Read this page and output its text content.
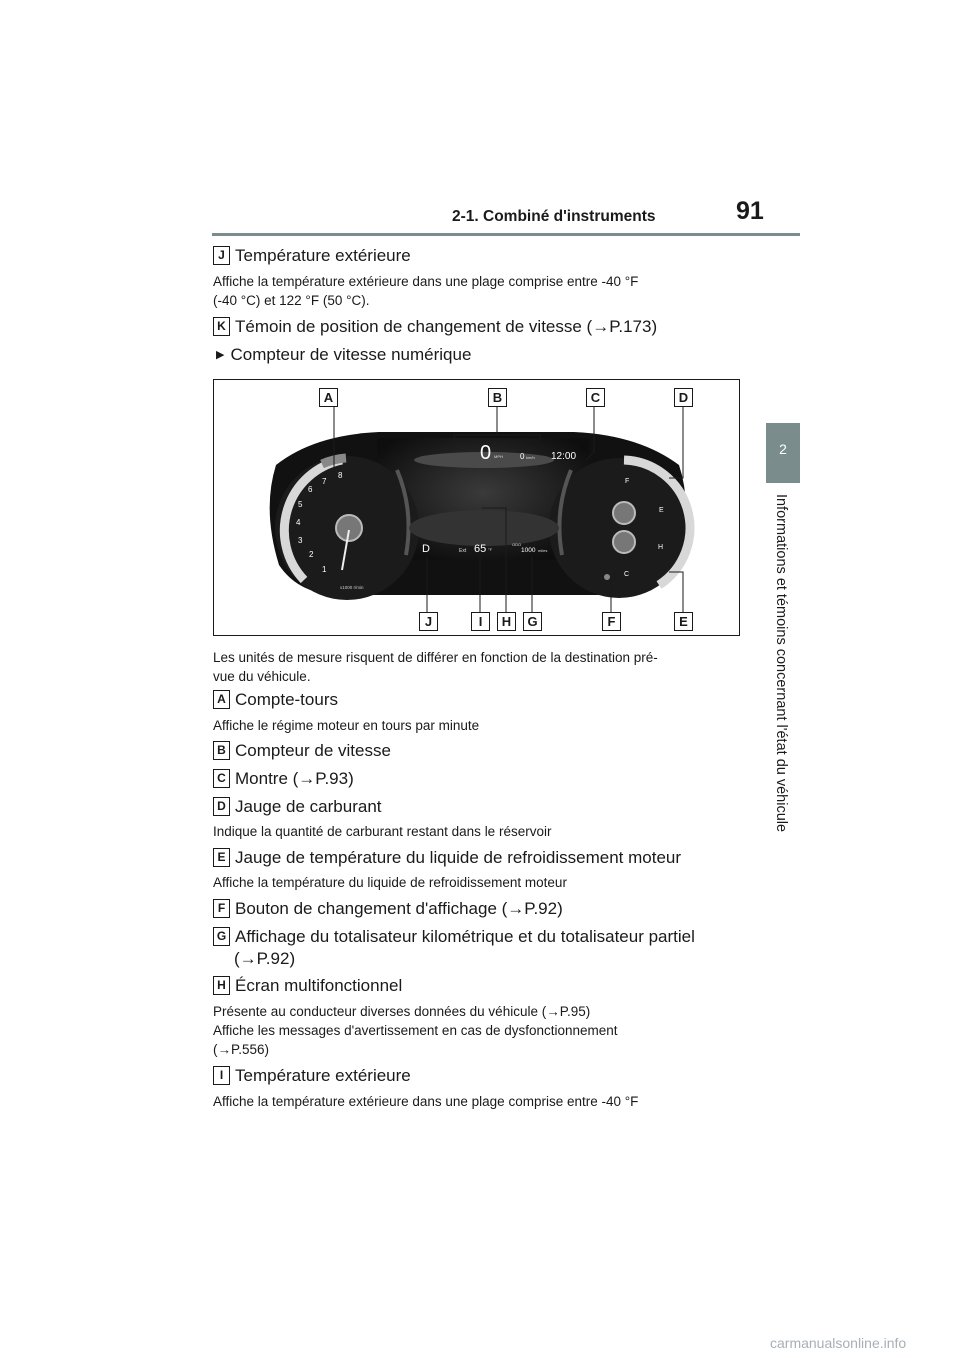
2-1. Combiné d'instruments	91
2
Informations et témoins concernant l'état du véhicule
J Température extérieure
Affiche la température extérieure dans une plage comprise entre -40 °F
(-40 °C) et 122 °F (50 °C).
K Témoin de position de changement de vitesse (→P.173)
▶ Compteur de vitesse numérique
1
2
3
4
5
6
7
8
x1000 r/min
0 MPH 0 km/h 12:00
D	Ext 65 °F
ODO
1000 miles
F
E
H
C
A	B	C	D
J	I	H	G	F	E
Les unités de mesure risquent de différer en fonction de la destination pré-
vue du véhicule.
A Compte-tours
Affiche le régime moteur en tours par minute
B Compteur de vitesse
C Montre (→P.93)
D Jauge de carburant
Indique la quantité de carburant restant dans le réservoir
E Jauge de température du liquide de refroidissement moteur
Affiche la température du liquide de refroidissement moteur
F Bouton de changement d'affichage (→P.92)
G Affichage du totalisateur kilométrique et du totalisateur partiel
(→P.92)
H Écran multifonctionnel
Présente au conducteur diverses données du véhicule (→P.95)
Affiche les messages d'avertissement en cas de dysfonctionnement
(→P.556)
I Température extérieure
Affiche la température extérieure dans une plage comprise entre -40 °F
carmanualsonline.info
